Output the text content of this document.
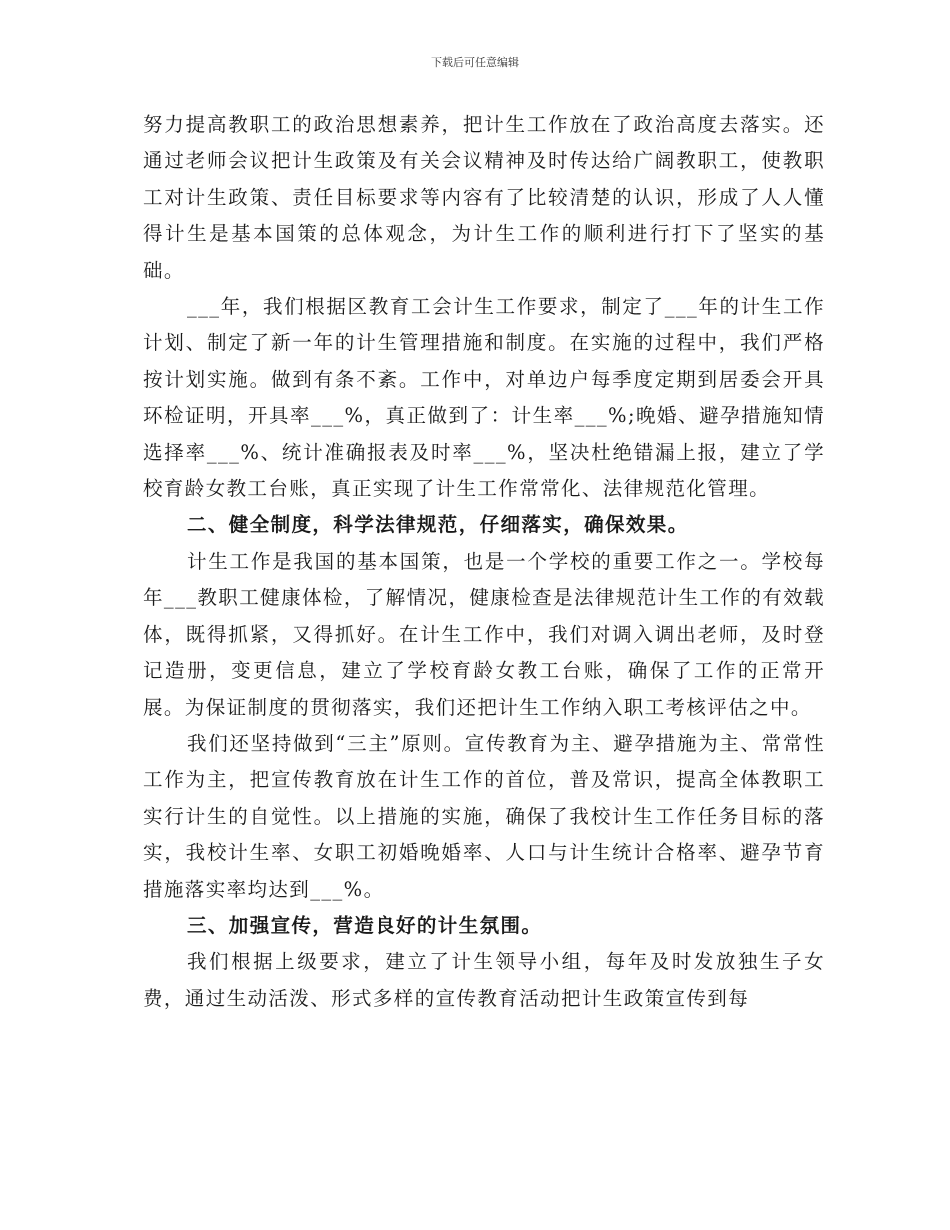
下载后可任意编辑

努力提高教职工的政治思想素养，把计生工作放在了政治高度去落实。还通过老师会议把计生政策及有关会议精神及时传达给广阔教职工，使教职工对计生政策、责任目标要求等内容有了比较清楚的认识，形成了人人懂得计生是基本国策的总体观念，为计生工作的顺利进行打下了坚实的基础。

___年，我们根据区教育工会计生工作要求，制定了___年的计生工作计划、制定了新一年的计生管理措施和制度。在实施的过程中，我们严格按计划实施。做到有条不紊。工作中，对单边户每季度定期到居委会开具环检证明，开具率___%，真正做到了：计生率___%;晚婚、避孕措施知情选择率___%、统计准确报表及时率___%，坚决杜绝错漏上报，建立了学校育龄女教工台账，真正实现了计生工作常常化、法律规范化管理。

二、健全制度，科学法律规范，仔细落实，确保效果。

计生工作是我国的基本国策，也是一个学校的重要工作之一。学校每年___教职工健康体检，了解情况，健康检查是法律规范计生工作的有效载体，既得抓紧，又得抓好。在计生工作中，我们对调入调出老师，及时登记造册，变更信息，建立了学校育龄女教工台账，确保了工作的正常开展。为保证制度的贯彻落实，我们还把计生工作纳入职工考核评估之中。

我们还坚持做到“三主”原则。宣传教育为主、避孕措施为主、常常性工作为主，把宣传教育放在计生工作的首位，普及常识，提高全体教职工实行计生的自觉性。以上措施的实施，确保了我校计生工作任务目标的落实，我校计生率、女职工初婚晚婚率、人口与计生统计合格率、避孕节育措施落实率均达到___%。

三、加强宣传，营造良好的计生氛围。

我们根据上级要求，建立了计生领导小组，每年及时发放独生子女费，通过生动活泼、形式多样的宣传教育活动把计生政策宣传到每
